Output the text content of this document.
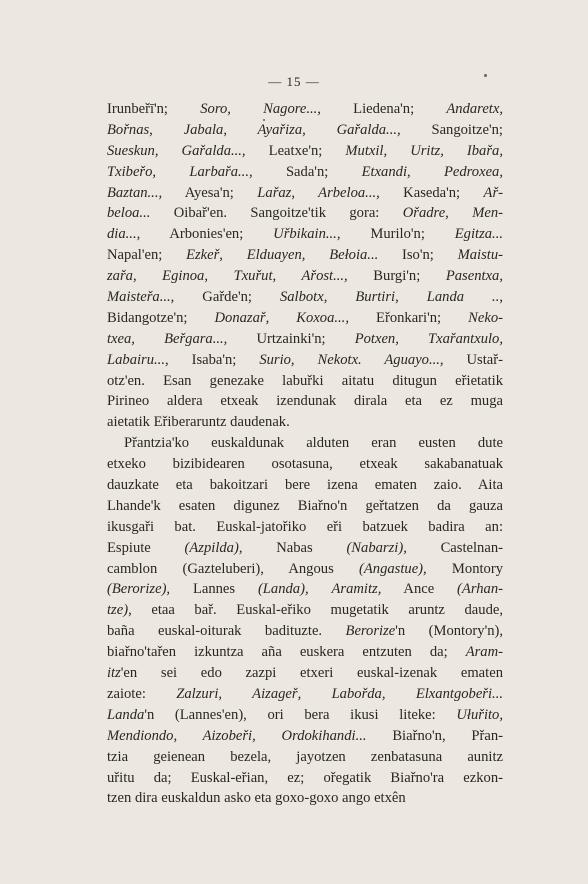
— 15 —
Irunbeřī'n; Soro, Nagore..., Liedena'n; Andaretx,
Bořnas, Jabala, Ayařiza, Gařalda..., Sangoitze'n;
Sueskun, Gařalda..., Leatxe'n; Mutxil, Uritz, Ibařa,
Txibeřo, Larbařa..., Sada'n; Etxandi, Pedroxea,
Baztan..., Ayesa'n; Lařaz, Arbeloa..., Kaseda'n; Ař-
beloa... Oibař'en. Sangoitze'tik gora: Ořadre, Men-
dia..., Arbonies'en; Uřbikain..., Murilo'n; Egitza...
Napal'en; Ezkeř, Elduayen, Bełoia... Iso'n; Maistu-
zařa, Eginoa, Txuřut, Ařost..., Burgi'n; Pasentxa,
Maisteřa..., Gařde'n; Salbotx, Burtiri, Landa ..,
Bidangotze'n; Donazař, Koxoa..., Eřonkari'n; Neko-
txea, Beřgara..., Urtzainki'n; Potxen, Txařantxulo,
Labairu..., Isaba'n; Surio, Nekotx. Aguayo..., Ustař-
otz'en. Esan genezake labuřki aitatu ditugun eřietatik
Pirineo aldera etxeak izendunak dirala eta ez muga
aietatik Eřiberaruntz daudenak.
Přantzia'ko euskaldunak alduten eran eusten dute
etxeko bizibidearen osotasuna, etxeak sakabanatuak
dauzkate eta bakoitzari bere izena ematen zaio. Aita
Lhande'k esaten digunez Biařno'n geřtatzen da gauza
ikusgaři bat. Euskal-jatořiko eři batzuek badira an:
Espiute (Azpilda), Nabas (Nabarzi), Castelnan-
camblon (Gazteluberi), Angous (Angastue), Montory
(Berorize), Lannes (Landa), Aramitz, Ance (Arhan-
tze), etaa bař. Euskal-eřiko mugetatik aruntz daude,
baña euskal-oiturak badituzte. Berorize'n (Montory'n),
biařno'tařen izkuntza aña euskera entzuten da; Aram-
itz'en sei edo zazpi etxeri euskal-izenak ematen
zaiote: Zalzuri, Aizageř, Labořda, Elxantgobeři...
Landa'n (Lannes'en), ori bera ikusi liteke: Ułuřito,
Mendiondo, Aizobeři, Ordokihandi... Biařno'n, Přan-
tzia geienean bezela, jayotzen zenbatasuna aunitz
uřitu da; Euskal-eřian, ez; ořegatik Biařno'ra ezkon-
tzen dira euskaldun asko eta goxo-goxo ango etxên
